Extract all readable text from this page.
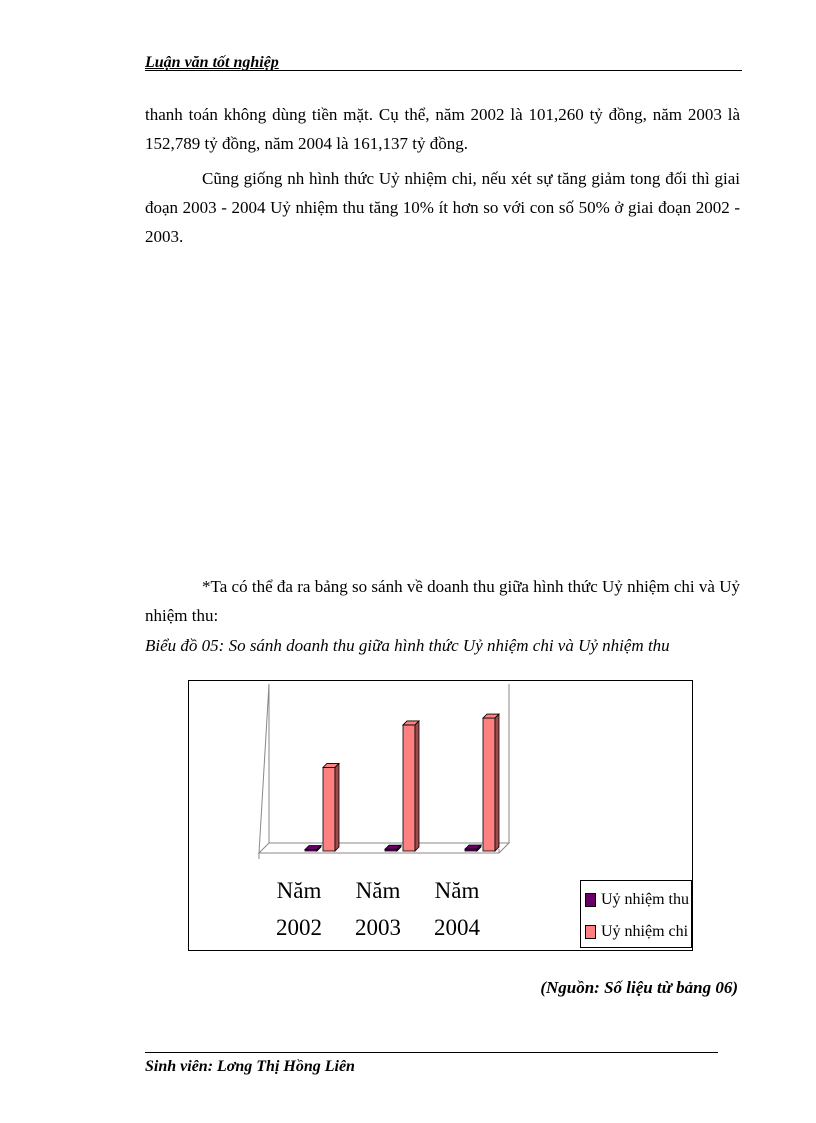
Luận văn tốt nghiệp
thanh toán không dùng tiền mặt. Cụ thể, năm 2002 là 101,260 tỷ đồng, năm 2003 là 152,789 tỷ đồng, năm 2004 là 161,137 tỷ đồng.
Cũng giống nh hình thức Uỷ nhiệm chi, nếu xét sự tăng giảm tong đối thì giai đoạn 2003 - 2004 Uỷ nhiệm thu tăng 10% ít hơn so với con số 50% ở giai đoạn 2002 - 2003.
*Ta có thể đa ra bảng so sánh về doanh thu giữa hình thức Uỷ nhiệm chi và Uỷ nhiệm thu:
Biểu đồ 05: So sánh doanh thu giữa hình thức Uỷ nhiệm chi và Uỷ nhiệm thu
Năm
2002
Năm
2003
Năm
2004
Uỷ nhiệm thu
Uỷ nhiệm chi
(Nguồn: Số liệu từ bảng 06)
Sinh viên: Lơng Thị Hồng Liên
